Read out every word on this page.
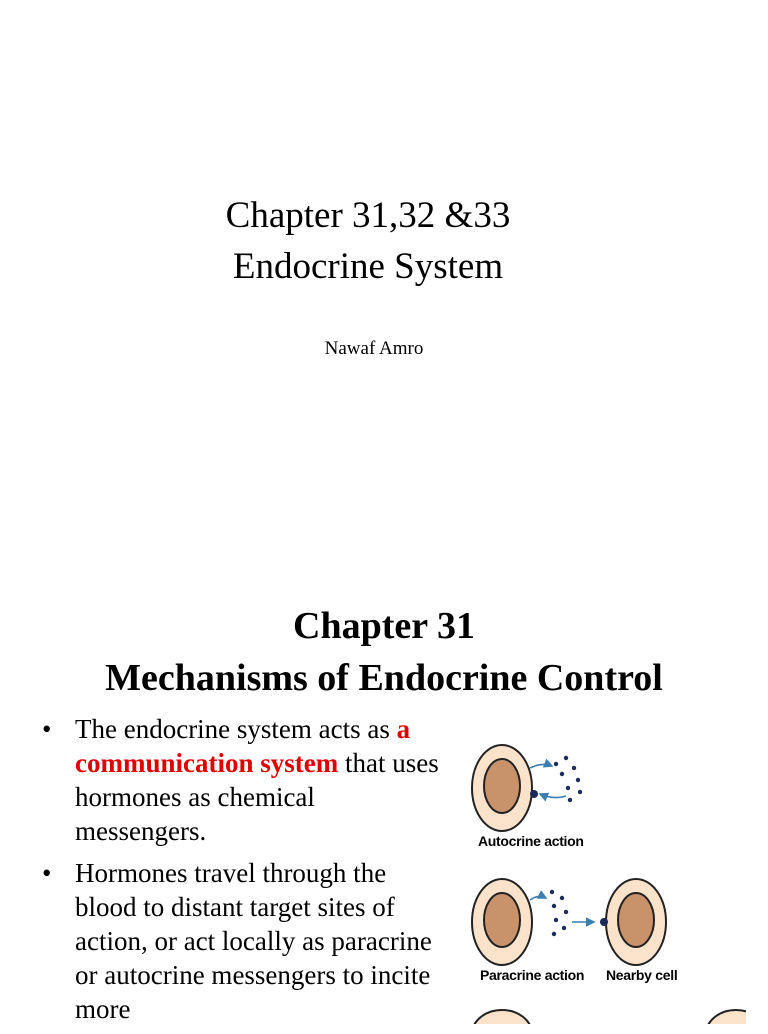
Chapter 31,32 &33
Endocrine System
Nawaf Amro
Chapter 31
Mechanisms of Endocrine Control
• The endocrine system acts as a communication system that uses hormones as chemical messengers.
• Hormones travel through the blood to distant target sites of action, or act locally as paracrine or autocrine messengers to incite more
Autocrine action
Paracrine action Nearby cell
